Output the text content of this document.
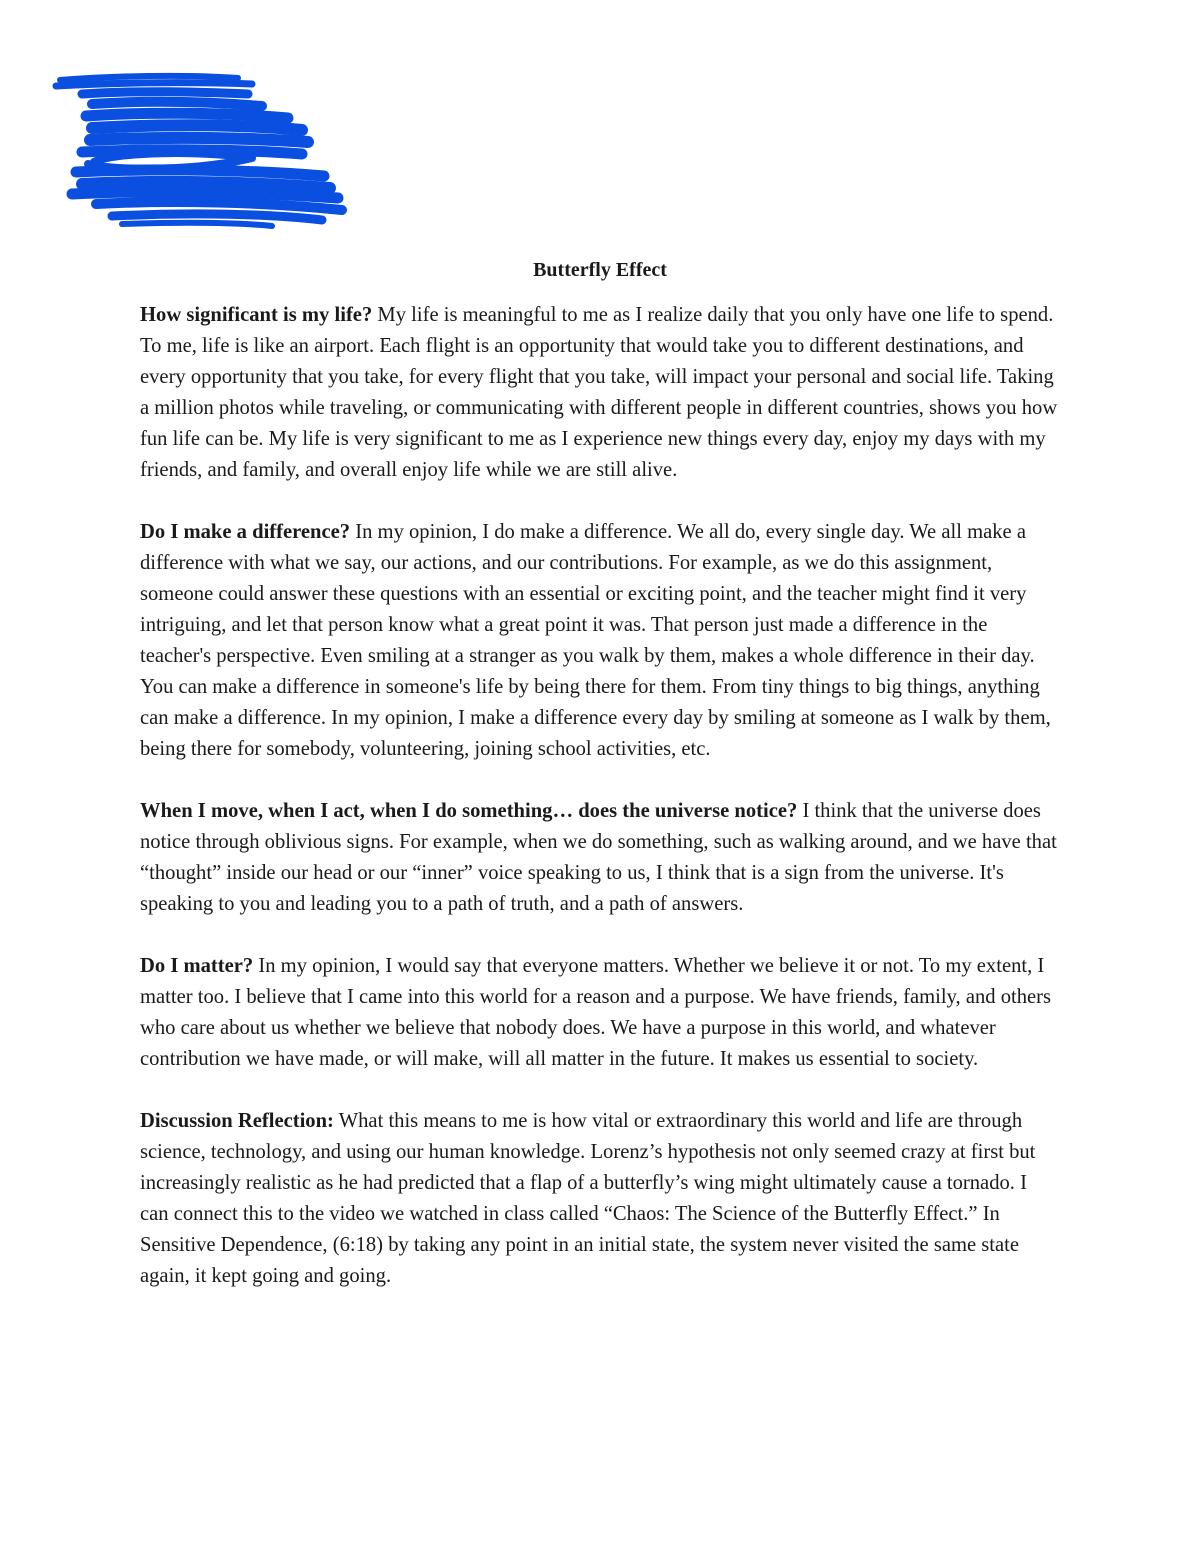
Butterfly Effect

How significant is my life? My life is meaningful to me as I realize daily that you only have one life to spend. To me, life is like an airport. Each flight is an opportunity that would take you to different destinations, and every opportunity that you take, for every flight that you take, will impact your personal and social life. Taking a million photos while traveling, or communicating with different people in different countries, shows you how fun life can be. My life is very significant to me as I experience new things every day, enjoy my days with my friends, and family, and overall enjoy life while we are still alive.

Do I make a difference? In my opinion, I do make a difference. We all do, every single day. We all make a difference with what we say, our actions, and our contributions. For example, as we do this assignment, someone could answer these questions with an essential or exciting point, and the teacher might find it very intriguing, and let that person know what a great point it was. That person just made a difference in the teacher's perspective. Even smiling at a stranger as you walk by them, makes a whole difference in their day. You can make a difference in someone's life by being there for them. From tiny things to big things, anything can make a difference. In my opinion, I make a difference every day by smiling at someone as I walk by them, being there for somebody, volunteering, joining school activities, etc.

When I move, when I act, when I do something… does the universe notice? I think that the universe does notice through oblivious signs. For example, when we do something, such as walking around, and we have that “thought” inside our head or our “inner” voice speaking to us, I think that is a sign from the universe. It's speaking to you and leading you to a path of truth, and a path of answers.

Do I matter? In my opinion, I would say that everyone matters. Whether we believe it or not. To my extent, I matter too. I believe that I came into this world for a reason and a purpose. We have friends, family, and others who care about us whether we believe that nobody does. We have a purpose in this world, and whatever contribution we have made, or will make, will all matter in the future. It makes us essential to society.

Discussion Reflection: What this means to me is how vital or extraordinary this world and life are through science, technology, and using our human knowledge. Lorenz’s hypothesis not only seemed crazy at first but increasingly realistic as he had predicted that a flap of a butterfly’s wing might ultimately cause a tornado. I can connect this to the video we watched in class called “Chaos: The Science of the Butterfly Effect.” In Sensitive Dependence, (6:18) by taking any point in an initial state, the system never visited the same state again, it kept going and going.
